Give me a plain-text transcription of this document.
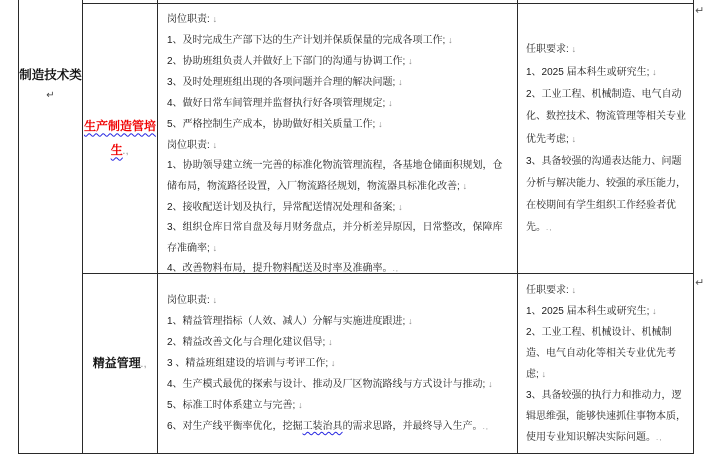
制造技术类↵
生产制造管培生.,

岗位职责: ↓

1、及时完成生产部下达的生产计划并保质保量的完成各项工作; ↓

2、协助班组负责人并做好上下部门的沟通与协调工作; ↓

3、及时处理班组出现的各项问题并合理的解决问题; ↓

4、做好日常车间管理并监督执行好各项管理规定; ↓

5、严格控制生产成本，协助做好相关质量工作; ↓

岗位职责: ↓

1、协助领导建立统一完善的标准化物流管理流程，各基地仓储面积规划，仓储布局，物流路径设置，入厂物流路径规划，物流器具标准化改善; ↓

2、接收配送计划及执行，异常配送情况处理和备案; ↓

3、组织仓库日常自盘及每月财务盘点，并分析差异原因，日常整改，保障库存准确率; ↓

4、改善物料布局，提升物料配送及时率及准确率。.,

任职要求: ↓

1、2025 届本科生或研究生; ↓

2、工业工程、机械制造、电气自动化、数控技术、物流管理等相关专业优先考虑; ↓

3、具备较强的沟通表达能力、问题分析与解决能力、较强的承压能力，在校期间有学生组织工作经验者优先。.,

精益管理.,

岗位职责: ↓

1、精益管理指标（人效、减人）分解与实施进度跟进; ↓

2、精益改善文化与合理化建议倡导; ↓

3 、精益班组建设的培训与考评工作; ↓

4、生产模式最优的探索与设计、推动及厂区物流路线与方式设计与推动; ↓

5、标准工时体系建立与完善; ↓

6、对生产线平衡率优化，挖掘工装治具的需求思路，并最终导入生产。.,

任职要求: ↓

1、2025 届本科生或研究生; ↓

2、工业工程、机械设计、机械制造、电气自动化等相关专业优先考虑; ↓

3、具备较强的执行力和推动力，逻辑思维强，能够快速抓住事物本质，使用专业知识解决实际问题。.,

↵
↵
